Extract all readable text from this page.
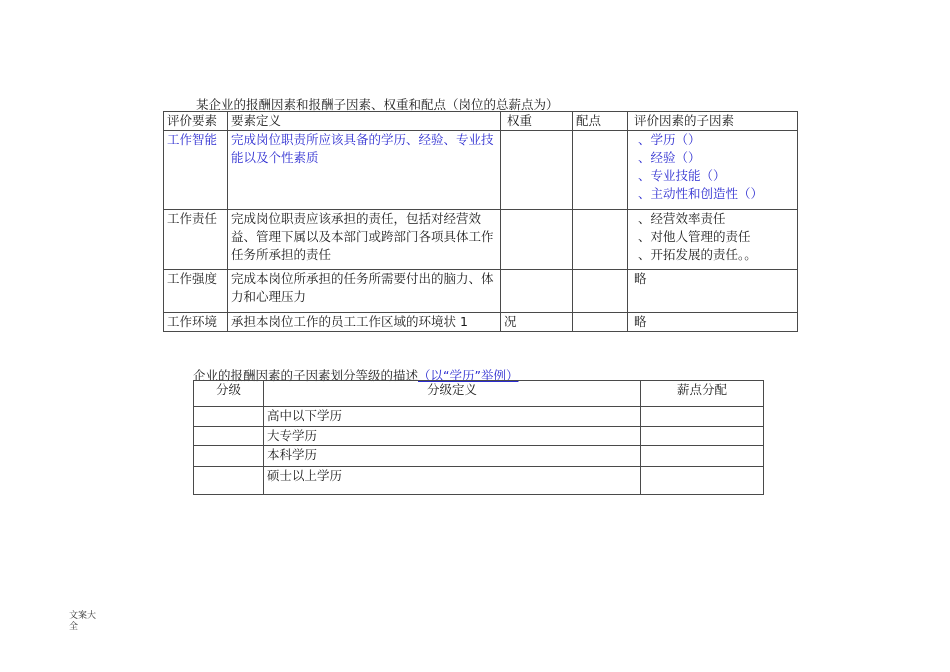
某企业的报酬因素和报酬子因素、权重和配点（岗位的总薪点为）
评价要素	要素定义	权重	配点	评价因素的子因素
工作智能	完成岗位职责所应该具备的学历、经验、专业技能以及个性素质			、学历（）
、经验（）
、专业技能（）
、主动性和创造性（）

工作责任	完成岗位职责应该承担的责任，包括对经营效益、管理下属以及本部门或跨部门各项具体工作任务所承担的责任			、经营效率责任
、对他人管理的责任
、开拓发展的责任。。

工作强度	完成本岗位所承担的任务所需要付出的脑力、体力和心理压力			略
工作环境	承担本岗位工作的员工工作区域的环境状 1	况		略
企业的报酬因素的子因素划分等级的描述（以“学历”举例）
分级	分级定义	薪点分配
	高中以下学历	
	大专学历	
	本科学历	
	硕士以上学历	
文案大全
